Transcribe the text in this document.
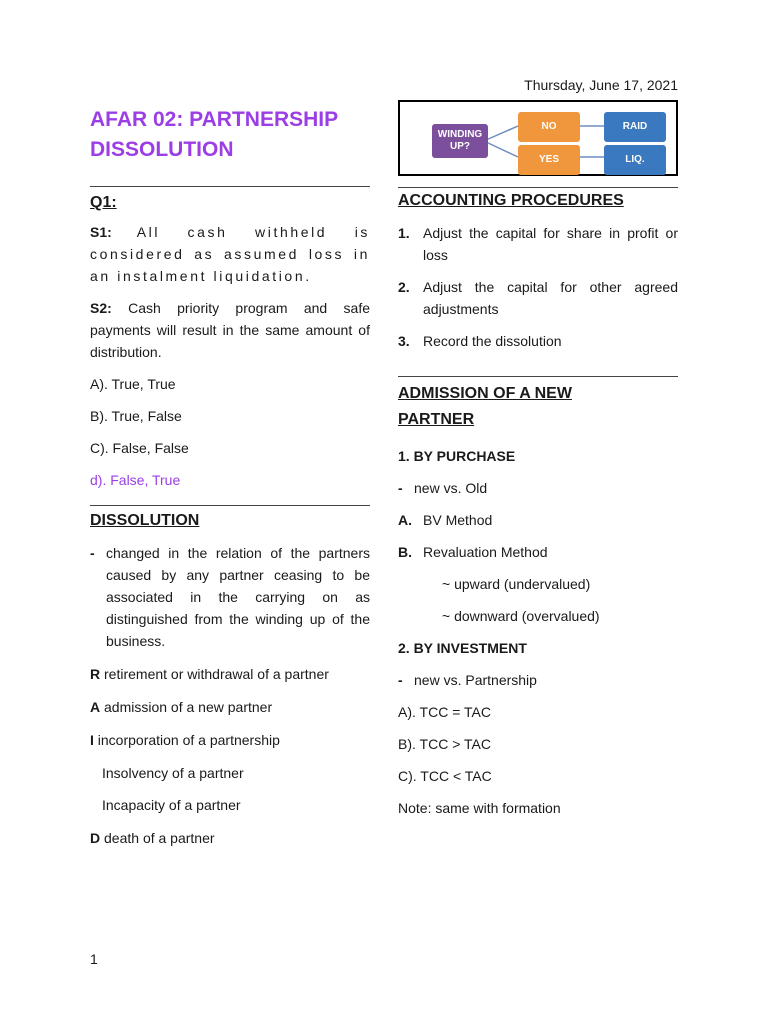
Thursday, June 17, 2021
AFAR 02: PARTNERSHIP
DISSOLUTION
Q1:

S1: All cash withheld is considered as assumed loss in an instalment liquidation.

S2: Cash priority program and safe payments will result in the same amount of distribution.

A). True, True

B). True, False

C). False, False

d). False, True

DISSOLUTION
- changed in the relation of the partners caused by any partner ceasing to be associated in the carrying on as distinguished from the winding up of the business.
R retirement or withdrawal of a partner
A admission of a new partner
I incorporation of a partnership
Insolvency of a partner
Incapacity of a partner
D death of a partner
WINDING UP?
NO
YES
RAID
LIQ.
ACCOUNTING PROCEDURES
1. Adjust the capital for share in profit or loss
2. Adjust the capital for other agreed adjustments
3. Record the dissolution
ADMISSION OF A NEW
PARTNER

1. BY PURCHASE

- new vs. Old
A. BV Method
B. Revaluation Method

~ upward (undervalued)

~ downward (overvalued)

2. BY INVESTMENT

- new vs. Partnership

A). TCC = TAC

B). TCC > TAC

C). TCC < TAC

Note: same with formation

1
